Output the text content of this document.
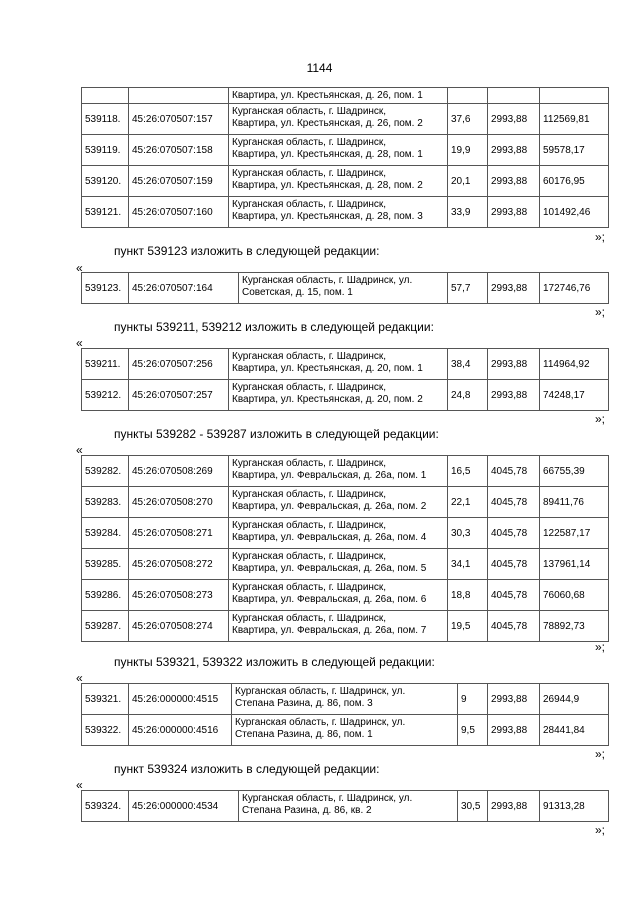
1144
		Квартира, ул. Крестьянская, д. 26, пом. 1			
539118.	45:26:070507:157	Курганская область, г. Шадринск,
Квартира, ул. Крестьянская, д. 26, пом. 2	37,6	2993,88	112569,81
539119.	45:26:070507:158	Курганская область, г. Шадринск,
Квартира, ул. Крестьянская, д. 28, пом. 1	19,9	2993,88	59578,17
539120.	45:26:070507:159	Курганская область, г. Шадринск,
Квартира, ул. Крестьянская, д. 28, пом. 2	20,1	2993,88	60176,95
539121.	45:26:070507:160	Курганская область, г. Шадринск,
Квартира, ул. Крестьянская, д. 28, пом. 3	33,9	2993,88	101492,46
»;
пункт 539123 изложить в следующей редакции:
«
539123.	45:26:070507:164	
Курганская область, г. Шадринск, ул.
Советская, д. 15, пом. 1	57,7	2993,88	172746,76
»;
пункты 539211, 539212 изложить в следующей редакции:
«
539211.	45:26:070507:256	Курганская область, г. Шадринск,
Квартира, ул. Крестьянская, д. 20, пом. 1	38,4	2993,88	114964,92
539212.	45:26:070507:257	Курганская область, г. Шадринск,
Квартира, ул. Крестьянская, д. 20, пом. 2	24,8	2993,88	74248,17
»;
пункты 539282 - 539287 изложить в следующей редакции:
«
539282.	45:26:070508:269	Курганская область, г. Шадринск,
Квартира, ул. Февральская, д. 26а, пом. 1	16,5	4045,78	66755,39
539283.	45:26:070508:270	Курганская область, г. Шадринск,
Квартира, ул. Февральская, д. 26а, пом. 2	22,1	4045,78	89411,76
539284.	45:26:070508:271	Курганская область, г. Шадринск,
Квартира, ул. Февральская, д. 26а, пом. 4	30,3	4045,78	122587,17
539285.	45:26:070508:272	Курганская область, г. Шадринск,
Квартира, ул. Февральская, д. 26а, пом. 5	34,1	4045,78	137961,14
539286.	45:26:070508:273	Курганская область, г. Шадринск,
Квартира, ул. Февральская, д. 26а, пом. 6	18,8	4045,78	76060,68
539287.	45:26:070508:274	Курганская область, г. Шадринск,
Квартира, ул. Февральская, д. 26а, пом. 7	19,5	4045,78	78892,73
»;
пункты 539321, 539322 изложить в следующей редакции:
«
539321.	45:26:000000:4515	Курганская область, г. Шадринск, ул.
Степана Разина, д. 86, пом. 3	9	2993,88	26944,9
539322.	45:26:000000:4516	Курганская область, г. Шадринск, ул.
Степана Разина, д. 86, пом. 1	9,5	2993,88	28441,84
»;
пункт 539324 изложить в следующей редакции:
«
539324.	45:26:000000:4534	
Курганская область, г. Шадринск, ул.
Степана Разина, д. 86, кв. 2	30,5	2993,88	91313,28
»;
